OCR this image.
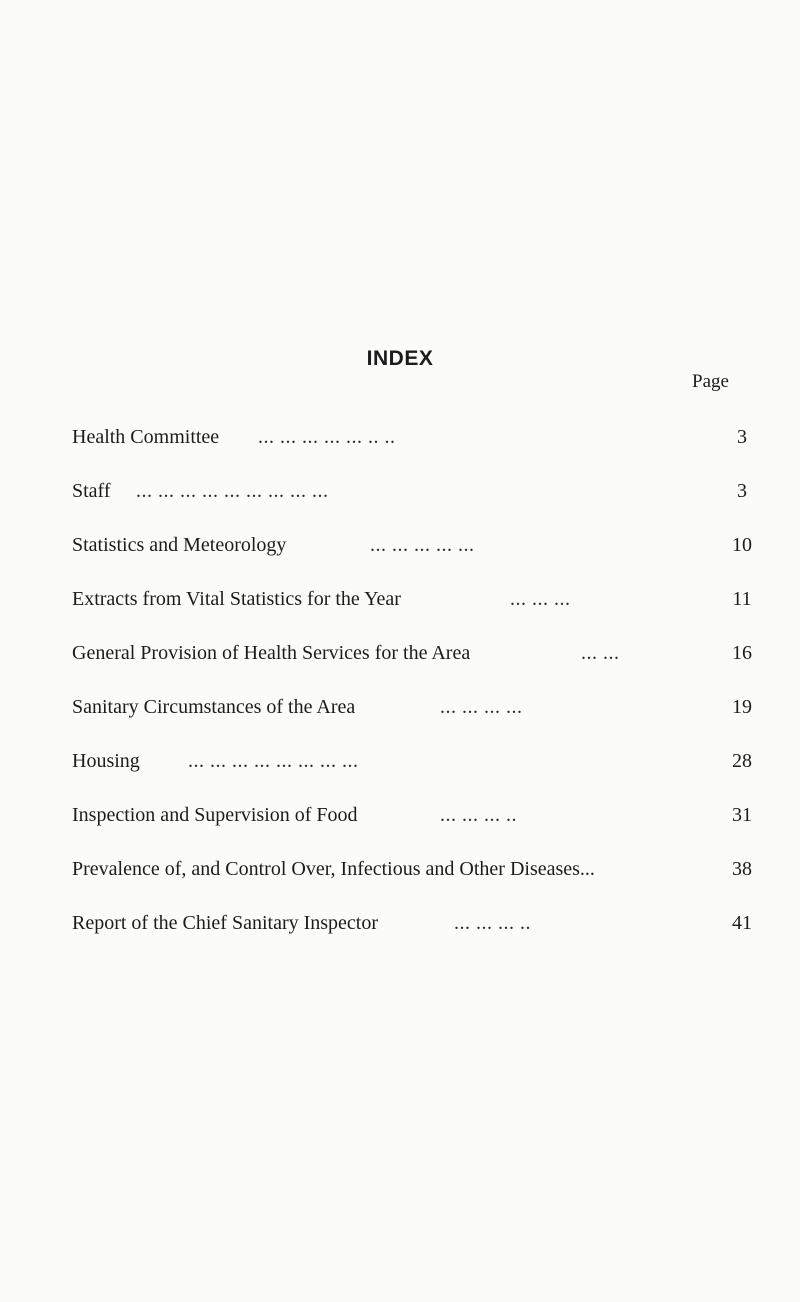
INDEX
Page
Health Committee ... ... ... ... ... .. ..	3
Staff ... ... ... ... ... ... ... ... ...	3
Statistics and Meteorology	... ... ... ... ...	10
Extracts from Vital Statistics for the Year	... ... ...	11
General Provision of Health Services for the Area	... ...	16
Sanitary Circumstances of the Area	... ... ... ...	19
Housing ... ... ... ... ... ... ... ...	28
Inspection and Supervision of Food	... ... ... ..	31
Prevalence of, and Control Over, Infectious and Other Diseases...	38
Report of the Chief Sanitary Inspector	... ... ... ..	41
